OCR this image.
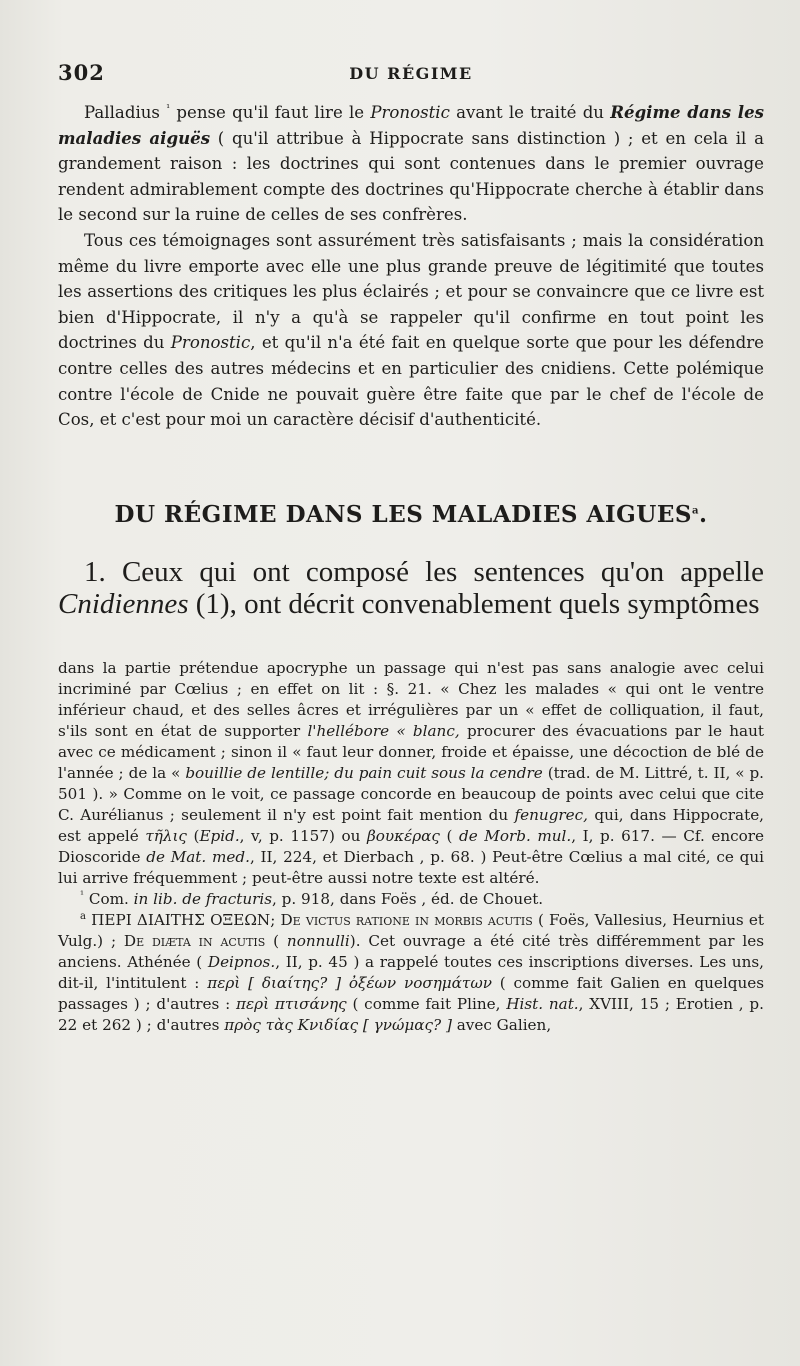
302	DU RÉGIME

Palladius $^{^1}$ pense qu'il faut lire le Pronostic avant le traité du Régime dans les maladies aiguës ( qu'il attribue à Hippocrate sans distinction ) ; et en cela il a grandement raison : les doctrines qui sont contenues dans le premier ouvrage rendent admirablement compte des doctrines qu'Hippocrate cherche à établir dans le second sur la ruine de celles de ses confrères.

Tous ces témoignages sont assurément très satisfaisants ; mais la considération même du livre emporte avec elle une plus grande preuve de légitimité que toutes les assertions des critiques les plus éclairés ; et pour se convaincre que ce livre est bien d'Hippocrate, il n'y a qu'à se rappeler qu'il confirme en tout point les doctrines du Pronostic, et qu'il n'a été fait en quelque sorte que pour les défendre contre celles des autres médecins et en particulier des cnidiens. Cette polémique contre l'école de Cnide ne pouvait guère être faite que par le chef de l'école de Cos, et c'est pour moi un caractère décisif d'authenticité.

DU RÉGIME DANS LES MALADIES AIGUES$^a$.

1. Ceux qui ont composé les sentences qu'on appelle Cnidiennes (1), ont décrit convenablement quels symptômes

dans la partie prétendue apocryphe un passage qui n'est pas sans analogie avec celui incriminé par Cœlius ; en effet on lit : §. 21. « Chez les malades « qui ont le ventre inférieur chaud, et des selles âcres et irrégulières par un « effet de colliquation, il faut, s'ils sont en état de supporter l'hellébore « blanc, procurer des évacuations par le haut avec ce médicament ; sinon il « faut leur donner, froide et épaisse, une décoction de blé de l'année ; de la « bouillie de lentille; du pain cuit sous la cendre (trad. de M. Littré, t. II, « p. 501 ). » Comme on le voit, ce passage concorde en beaucoup de points avec celui que cite C. Aurélianus ; seulement il n'y est point fait mention du fenugrec, qui, dans Hippocrate, est appelé τῆλις (Epid., v, p. 1157) ou βουκέρας ( de Morb. mul., I, p. 617. — Cf. encore Dioscoride de Mat. med., II, 224, et Dierbach , p. 68. ) Peut-être Cœlius a mal cité, ce qui lui arrive fréquemment ; peut-être aussi notre texte est altéré.

$^{^1}$ Com. in lib. de fracturis, p. 918, dans Foës , éd. de Chouet.

$^a$ ΠΕΡΙ ΔΙΑΙΤΗΣ ΟΞΕΩΝ; De victus ratione in morbis acutis ( Foës, Vallesius, Heurnius et Vulg.) ; De diæta in acutis ( nonnulli). Cet ouvrage a été cité très différemment par les anciens. Athénée ( Deipnos., II, p. 45 ) a rappelé toutes ces inscriptions diverses. Les uns, dit-il, l'intitulent : περὶ [ διαίτης? ] ὀξέων νοσημάτων ( comme fait Galien en quelques passages ) ; d'autres : περὶ πτισάνης ( comme fait Pline, Hist. nat., XVIII, 15 ; Erotien , p. 22 et 262 ) ; d'autres πρὸς τὰς Κνιδίας [ γνώμας? ] avec Galien,
